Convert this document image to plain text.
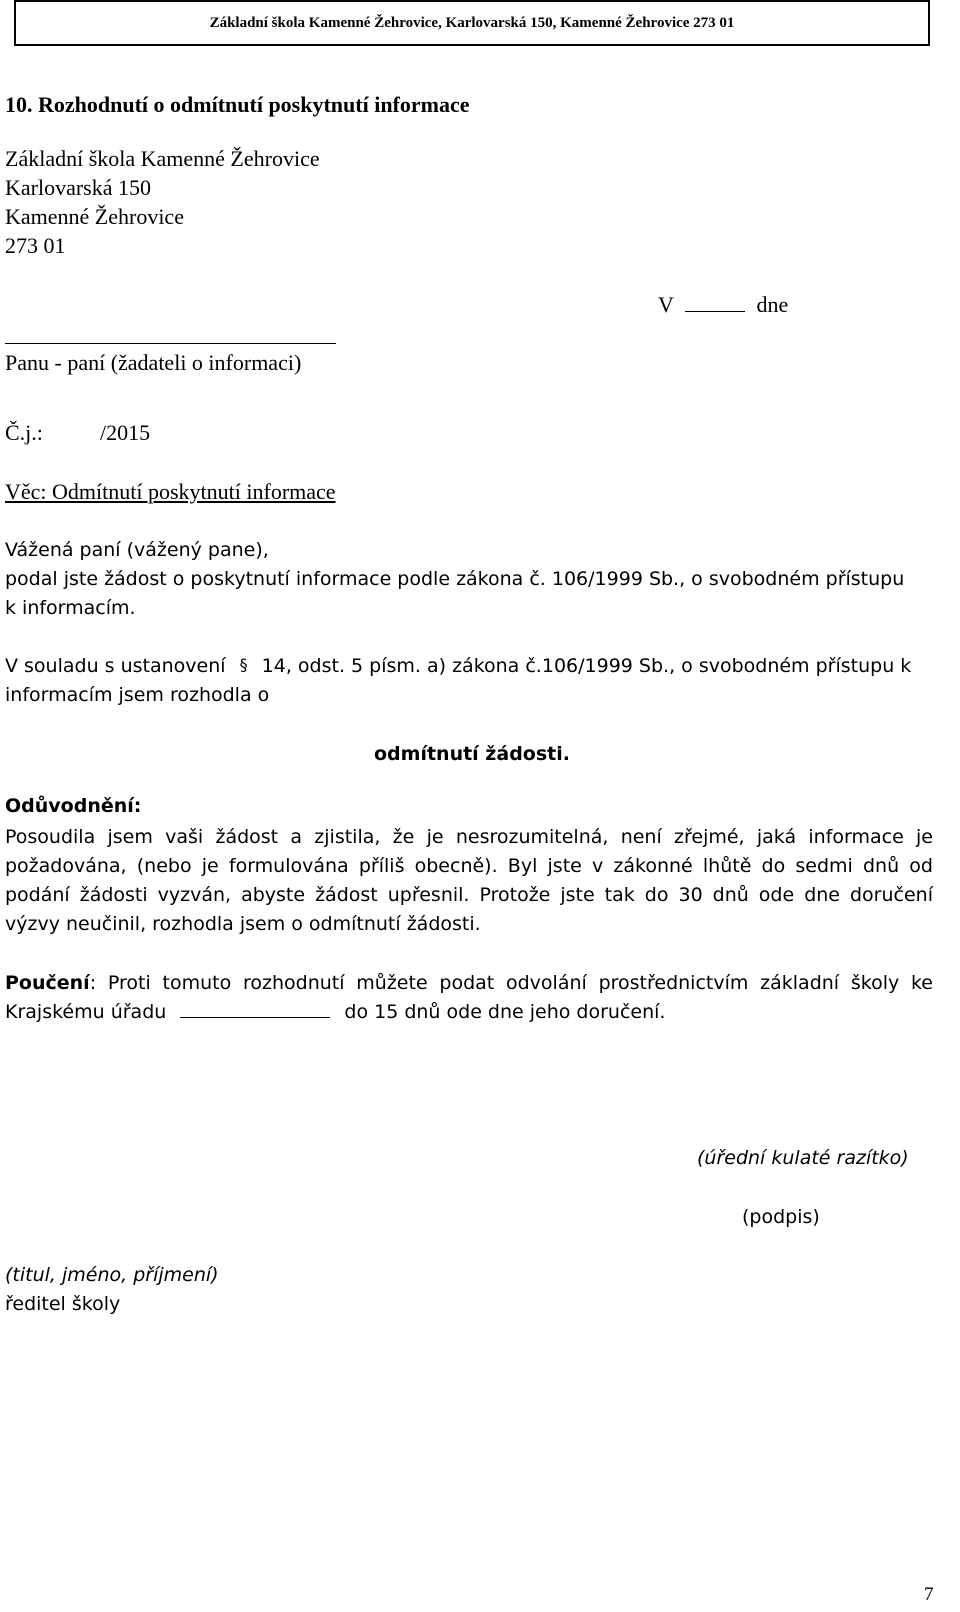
Základní škola Kamenné Žehrovice, Karlovarská 150, Kamenné Žehrovice 273 01
10. Rozhodnutí o odmítnutí poskytnutí informace
Základní škola Kamenné Žehrovice
Karlovarská 150
Kamenné Žehrovice
273 01
V	dne
Panu - paní (žadateli o informaci)
Č.j.:	/2015
Věc: Odmítnutí poskytnutí informace
Vážená paní (vážený pane),
podal jste žádost o poskytnutí informace podle zákona č. 106/1999 Sb., o svobodném přístupu
k informacím.
V souladu s ustanovení § 14, odst. 5 písm. a) zákona č.106/1999 Sb., o svobodném přístupu k
informacím jsem rozhodla o
odmítnutí žádosti.
Odůvodnění:
Posoudila jsem vaši žádost a zjistila, že je nesrozumitelná, není zřejmé, jaká informace je
požadována, (nebo je formulována příliš obecně). Byl jste v zákonné lhůtě do sedmi dnů od
podání žádosti vyzván, abyste žádost upřesnil. Protože jste tak do 30 dnů ode dne doručení
výzvy neučinil, rozhodla jsem o odmítnutí žádosti.
Poučení: Proti tomuto rozhodnutí můžete podat odvolání prostřednictvím základní školy ke
Krajskému úřadu	do 15 dnů ode dne jeho doručení.
(úřední kulaté razítko)
(podpis)
(titul, jméno, příjmení)
ředitel školy
7
